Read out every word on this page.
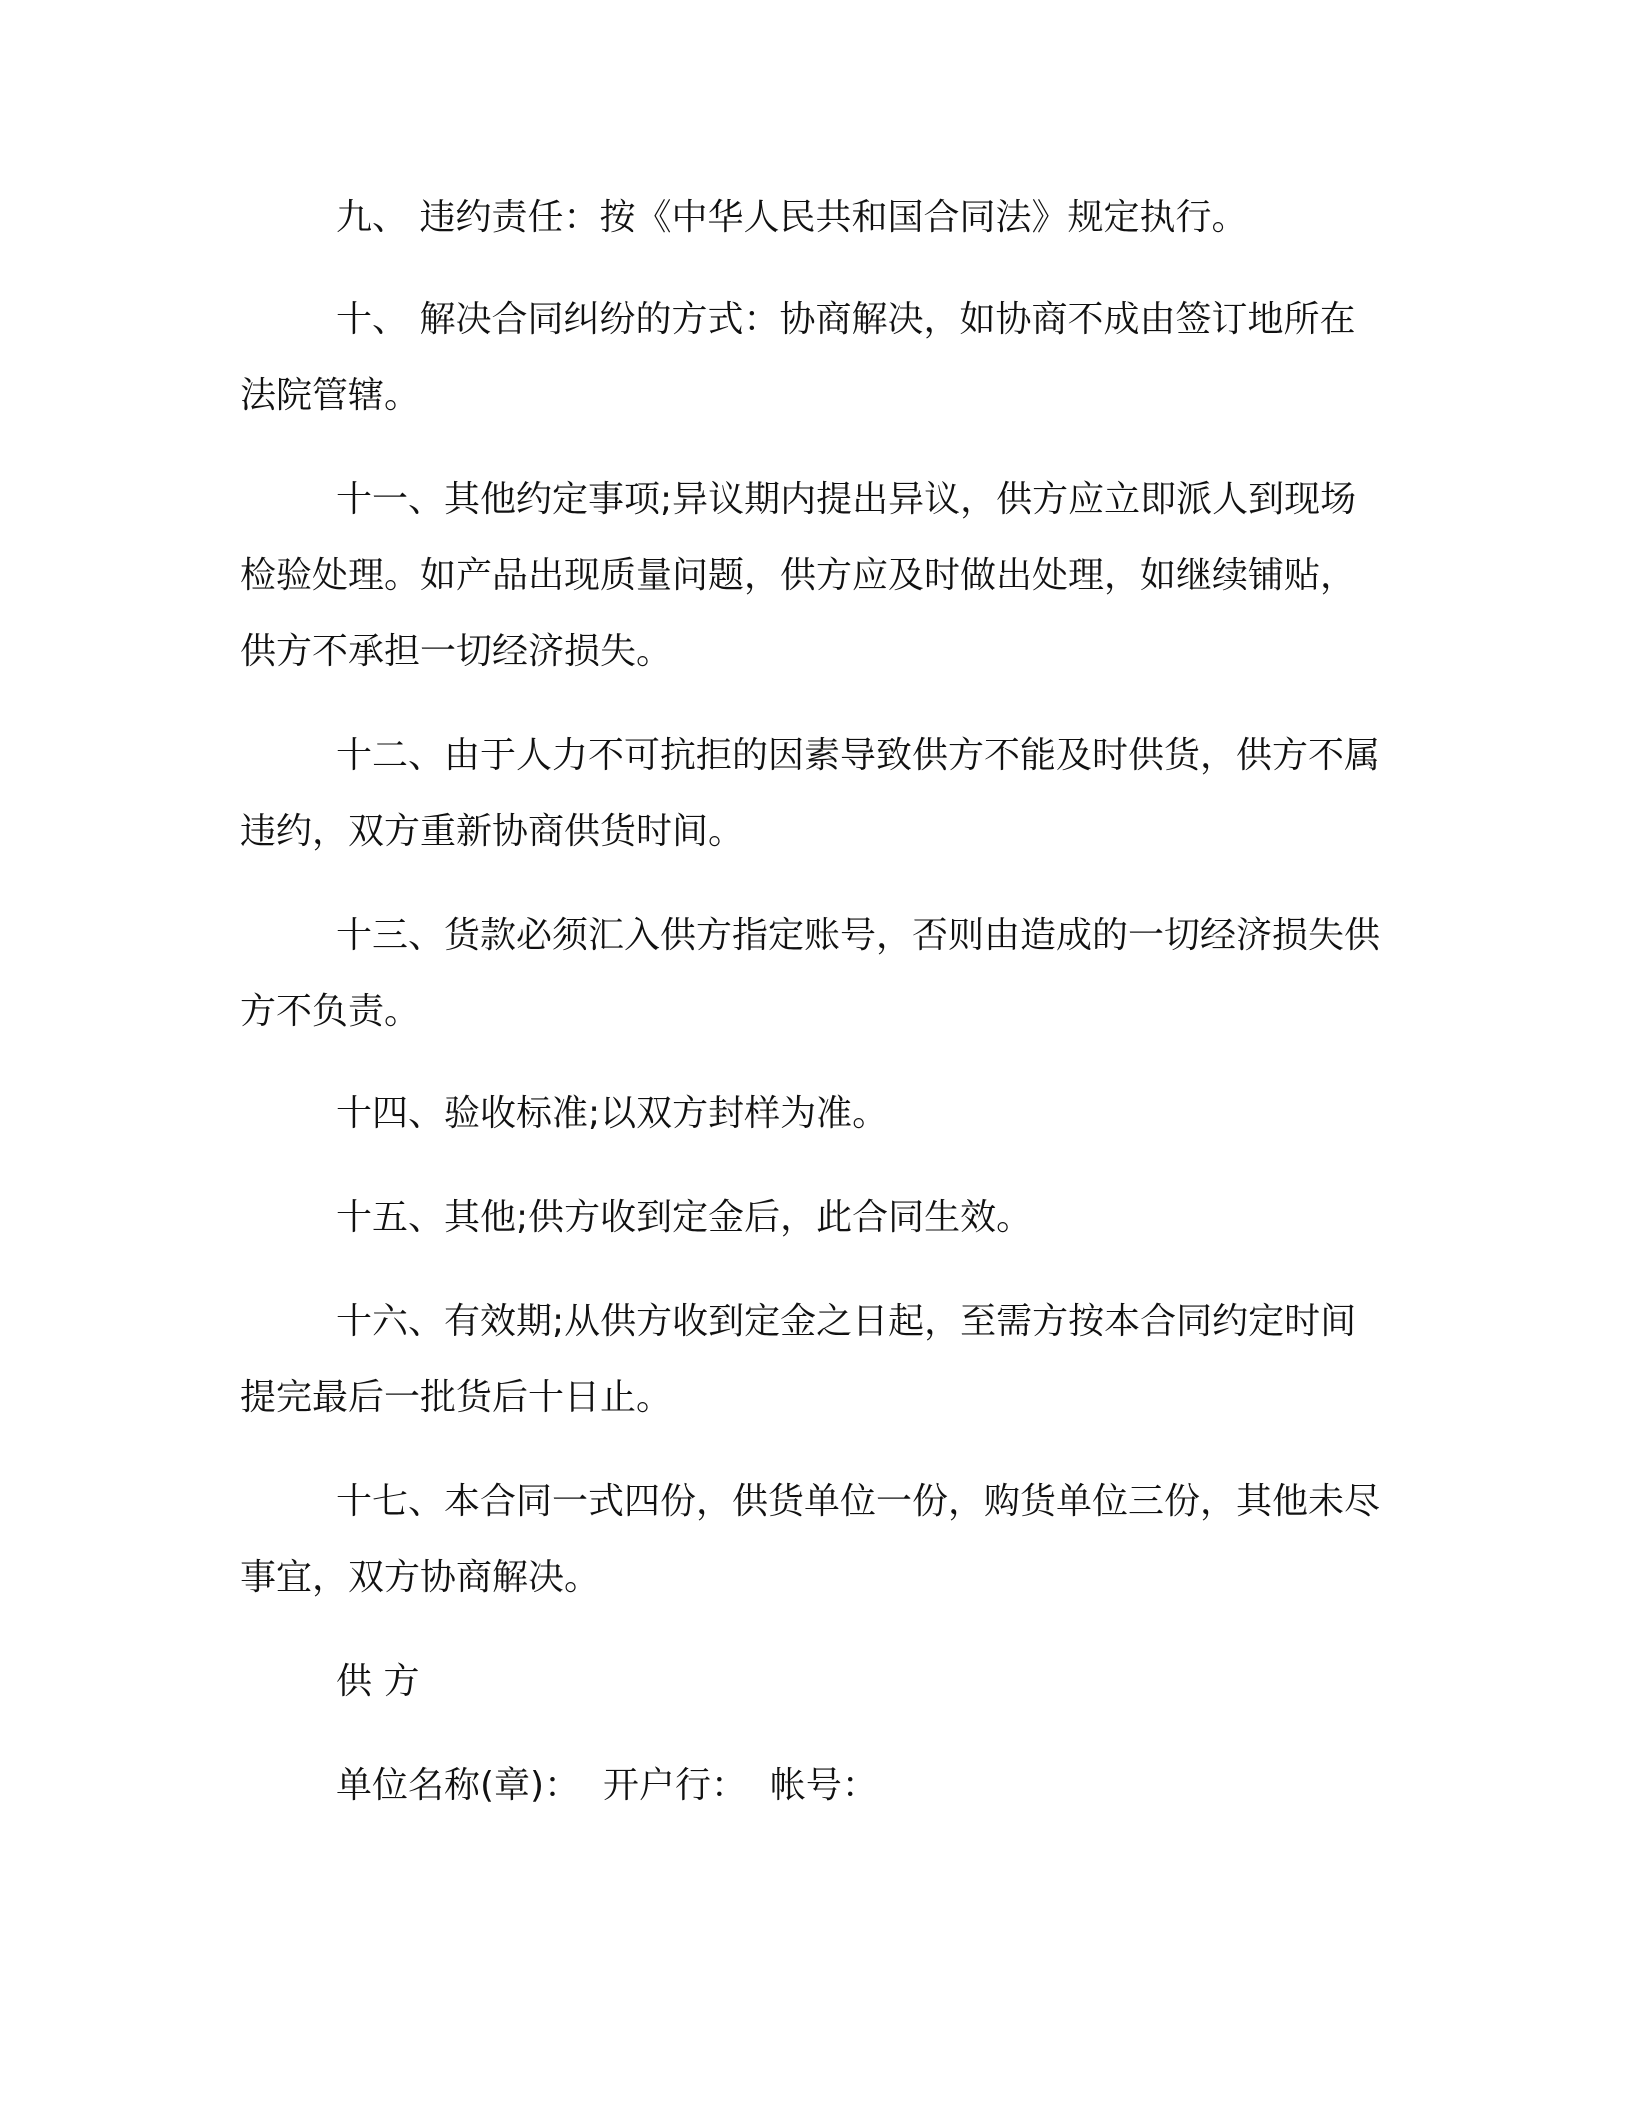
九、 违约责任：按《中华人民共和国合同法》规定执行。

十、 解决合同纠纷的方式：协商解决，如协商不成由签订地所在法院管辖。

十一、其他约定事项;异议期内提出异议，供方应立即派人到现场检验处理。如产品出现质量问题，供方应及时做出处理，如继续铺贴，供方不承担一切经济损失。

十二、由于人力不可抗拒的因素导致供方不能及时供货，供方不属违约，双方重新协商供货时间。

十三、货款必须汇入供方指定账号，否则由造成的一切经济损失供方不负责。

十四、验收标准;以双方封样为准。

十五、其他;供方收到定金后，此合同生效。

十六、有效期;从供方收到定金之日起，至需方按本合同约定时间提完最后一批货后十日止。

十七、本合同一式四份，供货单位一份，购货单位三份，其他未尽事宜，双方协商解决。

供 方

单位名称(章)：  开户行：  帐号：
